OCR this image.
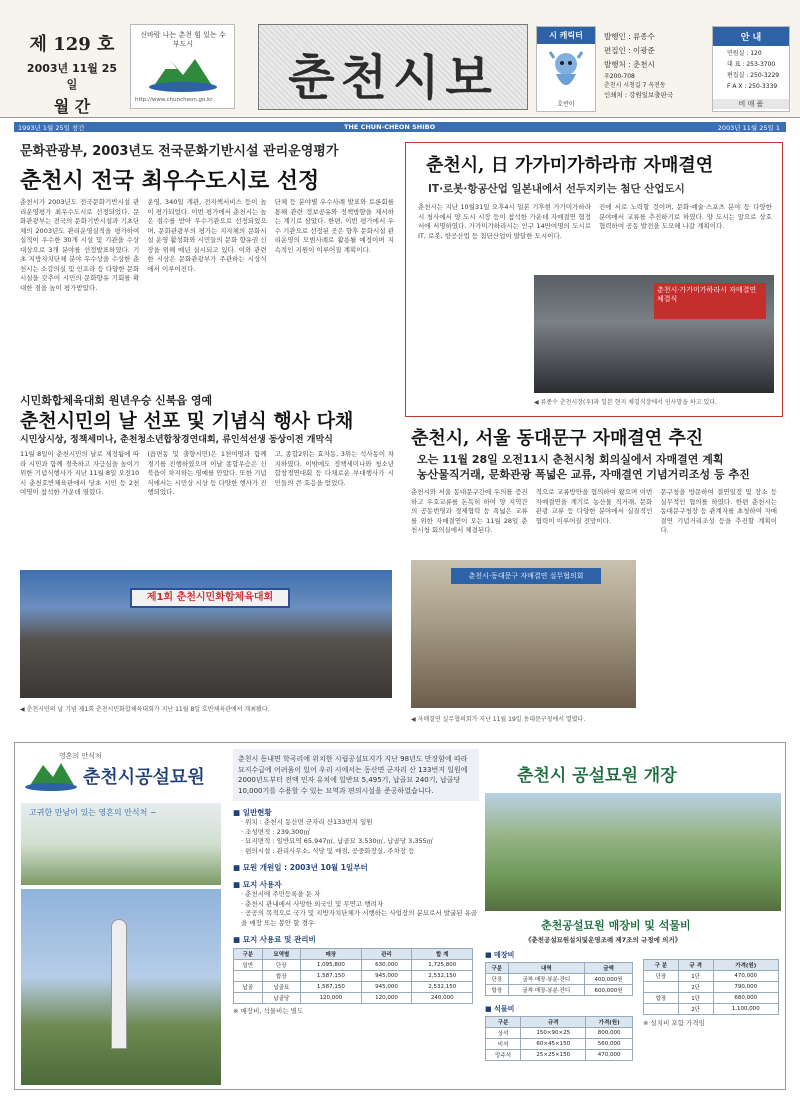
제 129 호
2003년 11월 25일
월 간
신바람 나는 춘천 힘 있는 수부도시
http://www.chuncheon.go.kr	춘천시보
시 캐릭터
호반이
발행인 : 류종수
편집인 : 이광준
발행처 : 춘천시
우200-708
춘천시 시청길 7 옥천동
인쇄처 : 강원일보출판국
안 내
민원실 : 120
대 표 : 253-3700
편집실 : 250-3229
F A X : 250-3339
비 매 품
1993년 1월 25일 창간	THE CHUN-CHEON SHIBO	2003년 11월 25일 1
문화관광부, 2003년도 전국문화기반시설 관리운영평가
춘천시 전국 최우수도시로 선정
춘천시가 2003년도 전국문화기반시설 관리운영평가 최우수도시로 선정되었다. 문화관광부는 전국의 문화기반시설과 기초단체의 2003년도 관리운영실적을 평가하여 실적이 우수한 30개 시설 및 기관을 수상대상으로 3개 분야를 선정발표하였다. 기초 지방자치단체 분야 우수상을 수상한 춘천시는 소강의실 및 인프라 등 다양한 문화시설을 갖추어 시민의 문화향유 기회를 확대한 점을 높이 평가받았다.
운영, 340일 개관, 전자책서비스 등이 높이 평가되었다. 이번 평가에서 춘천시는 높은 점수를 받아 우수기관으로 선정되었으며, 문화관광부의 평가는 지자체의 문화시설 운영 활성화와 시민들의 문화 향유권 신장을 위해 매년 실시되고 있다. 이와 관련한 시상은 문화관광부가 주관하는 시상식에서 이루어진다.
단체 등 분야별 우수사례 발표와 토론회를 통해 관련 정보공유와 정책방향을 제시하는 계기로 삼았다. 한편, 이번 평가에서 우수 기관으로 선정된 곳은 향후 문화시설 관리운영의 모범사례로 활용될 예정이며 지속적인 지원이 이루어질 계획이다.
춘천시, 日 가가미가하라市 자매결연
IT·로봇·항공산업 일본내에서 선두지키는 첨단 산업도시
춘천시는 지난 10월31일 오후4시 일본 기후현 가가미가하라시 청사에서 양 도시 시장 등이 참석한 가운데 자매결연 협정서에 서명하였다. 가가미가하라시는 인구 14만여명의 도시로 IT, 로봇, 항공산업 등 첨단산업이 발달한 도시이다.
진에 서로 노력할 것이며, 문화·예술·스포츠 분야 등 다양한 분야에서 교류를 추진하기로 하였다. 양 도시는 앞으로 상호 협력하여 공동 발전을 도모해 나갈 계획이다.
춘천시·가가미가하라시 자매결연 체결식
◀ 류종수 춘천시장(우)과 일본 현지 체결식장에서 인사말을 하고 있다.
시민화합체육대회 원년우승 신북읍 영예
춘천시민의 날 선포 및 기념식 행사 다채
시민상시상, 정책세미나, 춘천청소년합창경연대회, 류인석선생 동상이전 개막식
11월 8일이 춘천시민의 날로 제정됨에 따라 시민과 함께 경축하고 자긍심을 높이기 위한 기념식행사가 지난 11월 8일 오전10시 춘천호반체육관에서 당초 시민 등 2천여명이 참석한 가운데 열렸다.
(읍면동 및 출향시민)은 1천여명과 함께 경기를 진행하였으며 이날 종합우승은 신북읍이 차지하는 영예를 안았다. 또한 기념식에서는 시민상 시상 등 다양한 행사가 진행되었다.
고, 종합2위는 효자동, 3위는 석사동이 차지하였다. 이밖에도 정책세미나와 청소년합창경연대회 등 다채로운 부대행사가 시민들의 큰 호응을 얻었다.
제1회 춘천시민화합체육대회
◀ 춘천시민의 날 기념 제1회 춘천시민화합체육대회가 지난 11월 8일 호반체육관에서 개최됐다.
춘천시, 서울 동대문구 자매결연 추진
오는 11월 28일 오전11시 춘천시청 회의실에서 자매결연 계획
농산물직거래, 문화관광 폭넓은 교류, 자매결연 기념거리조성 등 추진
춘천시와 서울 동대문구간에 우의를 증진하고 우호교류를 돈독히 하여 양 지역간의 공동번영과 경제협력 등 폭넓은 교류를 위한 자매결연이 오는 11월 28일 춘천시청 회의실에서 체결된다.
적으로 교류방안을 협의하여 왔으며 이번 자매결연을 계기로 농산물 직거래, 문화관광 교류 등 다양한 분야에서 실질적인 협력이 이루어질 전망이다.
문구청을 방문하여 결연일정 및 장소 등 실무적인 협의를 하였다. 한편 춘천시는 동대문구청장 등 관계자를 초청하여 자매결연 기념거리조성 등을 추진할 계획이다.
춘천시·동대문구 자매결연 실무협의회
◀ 자매결연 실무협의회가 지난 11월 19일 동대문구청에서 열렸다.
영혼의 안식처
춘천시공설묘원
고귀한 만남이 있는 영혼의 안식처 ~
춘천시 동내면 학곡리에 위치한 시립공설묘지가 지난 98년도 만장함에 따라 묘지수급에 어려움이 있어 우리 시에서는 동산면 군자리 산 133번지 일원에 2000년도부터 전액 민자 유치에 일반묘 5,495기, 납골묘 240기, 납골당 10,000기를 수용할 수 있는 묘역과 편의시설을 준공하였습니다.
■ 일반현황
· 위치 : 춘천시 동산면 군자리 산133번지 일원
· 조성면적 : 239,300㎡
· 묘지면적 : 일반묘역 65,947㎡, 납골묘 3,530㎡, 납골당 3,355㎡
· 편의시설 : 관리사무소, 식당 및 매점, 공중화장실, 주차장 등
■ 묘원 개원일 : 2003년 10월 1일부터
■ 묘지 사용자
· 춘천시에 주민등록을 둔 자
· 춘천시 관내에서 사망한 외국인 및 무연고 행려자
· 공공의 목적으로 국가 및 지방자치단체가 시행하는 사업장의 분묘로서 발굴된 유골을 매장 또는 봉안 할 경우
■ 묘지 사용료 및 관리비
구분	묘역별	매장	관리	합 계
일반	단장	1,095,800	630,000	1,725,800
	합장	1,587,150	945,000	2,532,150
납골	납골묘	1,587,150	945,000	2,532,150
	납골당	120,000	120,000	240,000
※ 매장비, 석물비는 별도
춘천시 공설묘원 개장
춘천공설묘원 매장비 및 석물비
《춘천공설묘원설치및운영조례 제7조의 규정에 의거》
■ 매장비
구분	내역	금액
단장	굴착·매장·봉분·잔디	400,000원
합장	굴착·매장·봉분·잔디	600,000원
■ 석물비
구분	규격	가격(원)
상석	150×90×25	800,000
비석	60×45×150	560,000
망주석	25×25×150	470,000
구 분	규 격	가격(원)
단장	1단	470,000
	2단	790,000
합장	1단	680,000
	2단	1,100,000
※ 설치비 포함 가격임
